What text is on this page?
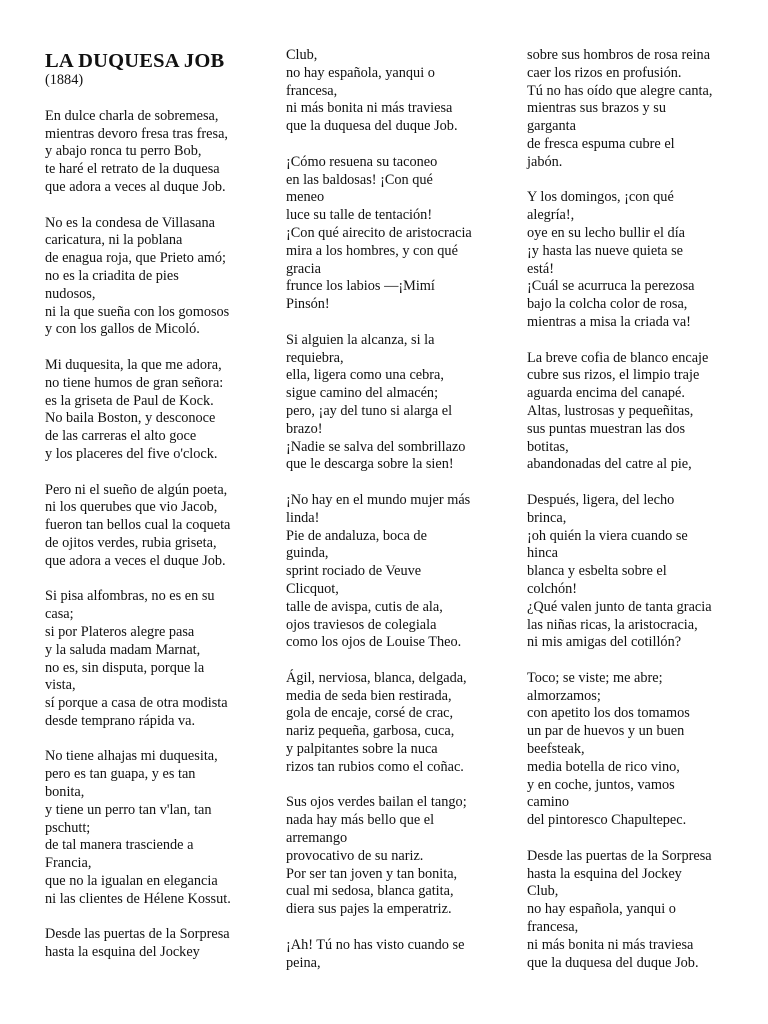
LA DUQUESA JOB
(1884)
En dulce charla de sobremesa,
mientras devoro fresa tras fresa,
y abajo ronca tu perro Bob,
te haré el retrato de la duquesa
que adora a veces al duque Job.
No es la condesa de Villasana
caricatura, ni la poblana
de enagua roja, que Prieto amó;
no es la criadita de pies
nudosos,
ni la que sueña con los gomosos
y con los gallos de Micoló.
Mi duquesita, la que me adora,
no tiene humos de gran señora:
es la griseta de Paul de Kock.
No baila Boston, y desconoce
de las carreras el alto goce
y los placeres del five o'clock.
Pero ni el sueño de algún poeta,
ni los querubes que vio Jacob,
fueron tan bellos cual la coqueta
de ojitos verdes, rubia griseta,
que adora a veces el duque Job.
Si pisa alfombras, no es en su
casa;
si por Plateros alegre pasa
y la saluda madam Marnat,
no es, sin disputa, porque la
vista,
sí porque a casa de otra modista
desde temprano rápida va.
No tiene alhajas mi duquesita,
pero es tan guapa, y es tan
bonita,
y tiene un perro tan v'lan, tan
pschutt;
de tal manera trasciende a
Francia,
que no la igualan en elegancia
ni las clientes de Hélene Kossut.
Desde las puertas de la Sorpresa
hasta la esquina del Jockey
Club,
no hay española, yanqui o
francesa,
ni más bonita ni más traviesa
que la duquesa del duque Job.
¡Cómo resuena su taconeo
en las baldosas! ¡Con qué
meneo
luce su talle de tentación!
¡Con qué airecito de aristocracia
mira a los hombres, y con qué
gracia
frunce los labios —¡Mimí
Pinsón!
Si alguien la alcanza, si la
requiebra,
ella, ligera como una cebra,
sigue camino del almacén;
pero, ¡ay del tuno si alarga el
brazo!
¡Nadie se salva del sombrillazo
que le descarga sobre la sien!
¡No hay en el mundo mujer más
linda!
Pie de andaluza, boca de
guinda,
sprint rociado de Veuve
Clicquot,
talle de avispa, cutis de ala,
ojos traviesos de colegiala
como los ojos de Louise Theo.
Ágil, nerviosa, blanca, delgada,
media de seda bien restirada,
gola de encaje, corsé de crac,
nariz pequeña, garbosa, cuca,
y palpitantes sobre la nuca
rizos tan rubios como el coñac.
Sus ojos verdes bailan el tango;
nada hay más bello que el
arremango
provocativo de su nariz.
Por ser tan joven y tan bonita,
cual mi sedosa, blanca gatita,
diera sus pajes la emperatriz.
¡Ah! Tú no has visto cuando se
peina,
sobre sus hombros de rosa reina
caer los rizos en profusión.
Tú no has oído que alegre canta,
mientras sus brazos y su
garganta
de fresca espuma cubre el
jabón.
Y los domingos, ¡con qué
alegría!,
oye en su lecho bullir el día
¡y hasta las nueve quieta se
está!
¡Cuál se acurruca la perezosa
bajo la colcha color de rosa,
mientras a misa la criada va!
La breve cofia de blanco encaje
cubre sus rizos, el limpio traje
aguarda encima del canapé.
Altas, lustrosas y pequeñitas,
sus puntas muestran las dos
botitas,
abandonadas del catre al pie,
Después, ligera, del lecho
brinca,
¡oh quién la viera cuando se
hinca
blanca y esbelta sobre el
colchón!
¿Qué valen junto de tanta gracia
las niñas ricas, la aristocracia,
ni mis amigas del cotillón?
Toco; se viste; me abre;
almorzamos;
con apetito los dos tomamos
un par de huevos y un buen
beefsteak,
media botella de rico vino,
y en coche, juntos, vamos
camino
del pintoresco Chapultepec.
Desde las puertas de la Sorpresa
hasta la esquina del Jockey
Club,
no hay española, yanqui o
francesa,
ni más bonita ni más traviesa
que la duquesa del duque Job.
